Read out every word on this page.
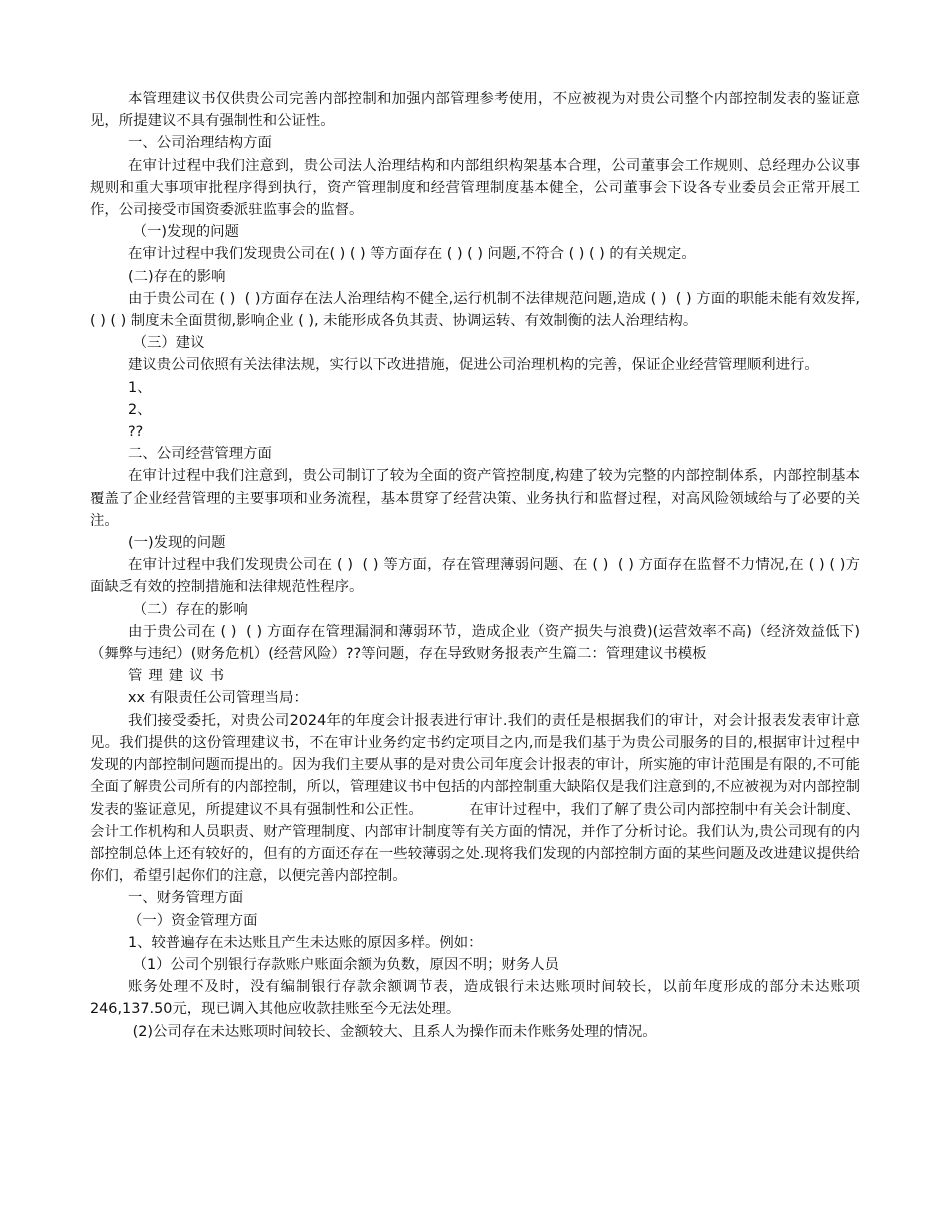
本管理建议书仅供贵公司完善内部控制和加强内部管理参考使用，不应被视为对贵公司整个内部控制发表的鉴证意见，所提建议不具有强制性和公证性。

一、公司治理结构方面

在审计过程中我们注意到，贵公司法人治理结构和内部组织构架基本合理，公司董事会工作规则、总经理办公议事规则和重大事项审批程序得到执行，资产管理制度和经营管理制度基本健全，公司董事会下设各专业委员会正常开展工作，公司接受市国资委派驻监事会的监督。

（一)发现的问题

在审计过程中我们发现贵公司在( ) ( ) 等方面存在 ( ) ( ) 问题,不符合 ( ) ( ) 的有关规定。

(二)存在的影响

由于贵公司在 ( )  ( )方面存在法人治理结构不健全,运行机制不法律规范问题,造成 ( )  ( ) 方面的职能未能有效发挥, ( ) ( ) 制度未全面贯彻,影响企业 ( ), 未能形成各负其责、协调运转、有效制衡的法人治理结构。

（三）建议

建议贵公司依照有关法律法规，实行以下改进措施，促进公司治理机构的完善，保证企业经营管理顺利进行。

1、

2、

??

二、公司经营管理方面

在审计过程中我们注意到，贵公司制订了较为全面的资产管控制度,构建了较为完整的内部控制体系，内部控制基本覆盖了企业经营管理的主要事项和业务流程，基本贯穿了经营决策、业务执行和监督过程，对高风险领域给与了必要的关注。

(一)发现的问题

在审计过程中我们发现贵公司在 ( )  ( ) 等方面，存在管理薄弱问题、在 ( )  ( ) 方面存在监督不力情况,在 ( ) ( )方面缺乏有效的控制措施和法律规范性程序。

（二）存在的影响

由于贵公司在 ( )  ( ) 方面存在管理漏洞和薄弱环节，造成企业（资产损失与浪费)(运营效率不高)（经济效益低下)（舞弊与违纪）(财务危机）(经营风险）??等问题，存在导致财务报表产生篇二：管理建议书模板

管理建议书

xx 有限责任公司管理当局：

我们接受委托，对贵公司2024年的年度会计报表进行审计.我们的责任是根据我们的审计，对会计报表发表审计意见。我们提供的这份管理建议书，不在审计业务约定书约定项目之内,而是我们基于为贵公司服务的目的,根据审计过程中发现的内部控制问题而提出的。因为我们主要从事的是对贵公司年度会计报表的审计，所实施的审计范围是有限的,不可能全面了解贵公司所有的内部控制，所以，管理建议书中包括的内部控制重大缺陷仅是我们注意到的,不应被视为对内部控制发表的鉴证意见，所提建议不具有强制性和公正性。          在审计过程中，我们了解了贵公司内部控制中有关会计制度、会计工作机构和人员职责、财产管理制度、内部审计制度等有关方面的情况，并作了分析讨论。我们认为,贵公司现有的内部控制总体上还有较好的，但有的方面还存在一些较薄弱之处.现将我们发现的内部控制方面的某些问题及改进建议提供给你们，希望引起你们的注意，以便完善内部控制。

一、财务管理方面

（一）资金管理方面

1、较普遍存在未达账且产生未达账的原因多样。例如：

（1）公司个别银行存款账户账面余额为负数，原因不明；财务人员

账务处理不及时，没有编制银行存款余额调节表，造成银行未达账项时间较长，以前年度形成的部分未达账项246,137.50元，现已调入其他应收款挂账至今无法处理。

(2)公司存在未达账项时间较长、金额较大、且系人为操作而未作账务处理的情况。
